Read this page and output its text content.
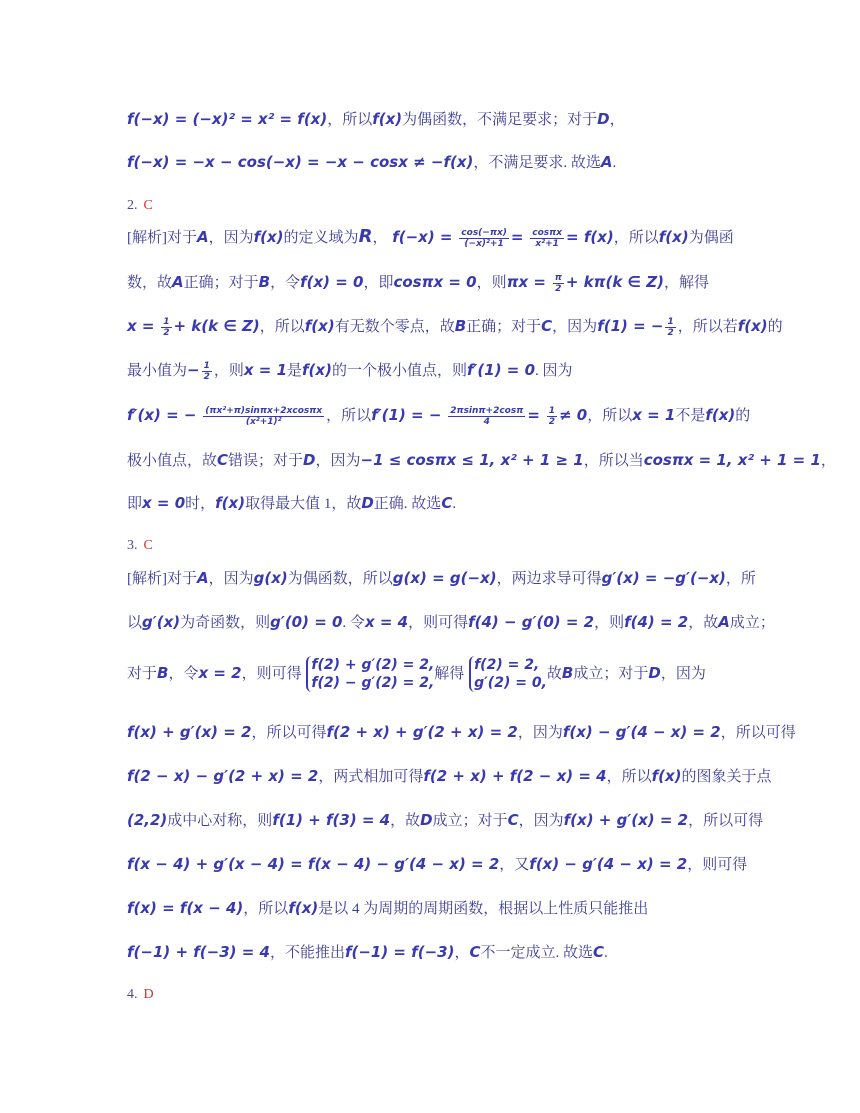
f(−x) = (−x)² = x² = f(x)，所以f(x)为偶函数，不满足要求；对于D，
f(−x) = −x − cos(−x) = −x − cosx ≠ −f(x)，不满足要求. 故选A.
2. C
[解析]对于A，因为f(x)的定义域为R， $f(-x) = \frac{\cos(-\pi x)}{\text{(−x)²+1}} = \frac{\cos\pi x}{\text{x²+1}} = f(x)$，所以f(x)为偶函
数，故A正确；对于B，令f(x) = 0，即cosπx = 0，则$\pi x = \frac{\pi}{2} + k\pi(k$ ∈ Z)，解得
$x = \frac{1}{2} + k(k$ ∈ Z)，所以f(x)有无数个零点，故B正确；对于C，因为f(1) = − $\frac{1}{2}$ ，所以若f(x)的
最小值为− $\frac{1}{2}$ ，则x = 1是f(x)的一个极小值点，则f′(1) = 0. 因为
f′(x) = − $\frac{\text{(πx²+π)sinπx+2xcosπx}}{\text{(x²+1)²}}$ ，所以f′(1) = − $\frac{2\pi\sin\pi+2\cos\pi}{4} = \frac{1}{2} \ne 0$，所以x = 1不是f(x)的
极小值点，故C错误；对于D，因为−1 ≤ cosπx ≤ 1, x² + 1 ≥ 1，所以当cosπx = 1, x² + 1 = 1，
即x = 0时，f(x)取得最大值 1，故D正确. 故选C.
3. C
[解析]对于A，因为g(x)为偶函数，所以g(x) = g(−x)，两边求导可得g′(x) = −g′(−x)，所
以g′(x)为奇函数，则g′(0) = 0. 令x = 4，则可得f(4) − g′(0) = 2，则f(4) = 2，故A成立；
对于B，令x = 2，则可得
f(2) + g′(2) = 2,
f(2) − g′(2) = 2,
解得
f(2) = 2,
g′(2) = 0,
故B成立；对于D，因为
f(x) + g′(x) = 2，所以可得f(2 + x) + g′(2 + x) = 2，因为f(x) − g′(4 − x) = 2，所以可得
f(2 − x) − g′(2 + x) = 2，两式相加可得f(2 + x) + f(2 − x) = 4，所以f(x)的图象关于点
(2,2)成中心对称，则f(1) + f(3) = 4，故D成立；对于C，因为f(x) + g′(x) = 2，所以可得
f(x − 4) + g′(x − 4) = f(x − 4) − g′(4 − x) = 2，又f(x) − g′(4 − x) = 2，则可得
f(x) = f(x − 4)，所以f(x)是以 4 为周期的周期函数，根据以上性质只能推出
f(−1) + f(−3) = 4，不能推出f(−1) = f(−3)，C不一定成立. 故选C.
4. D
